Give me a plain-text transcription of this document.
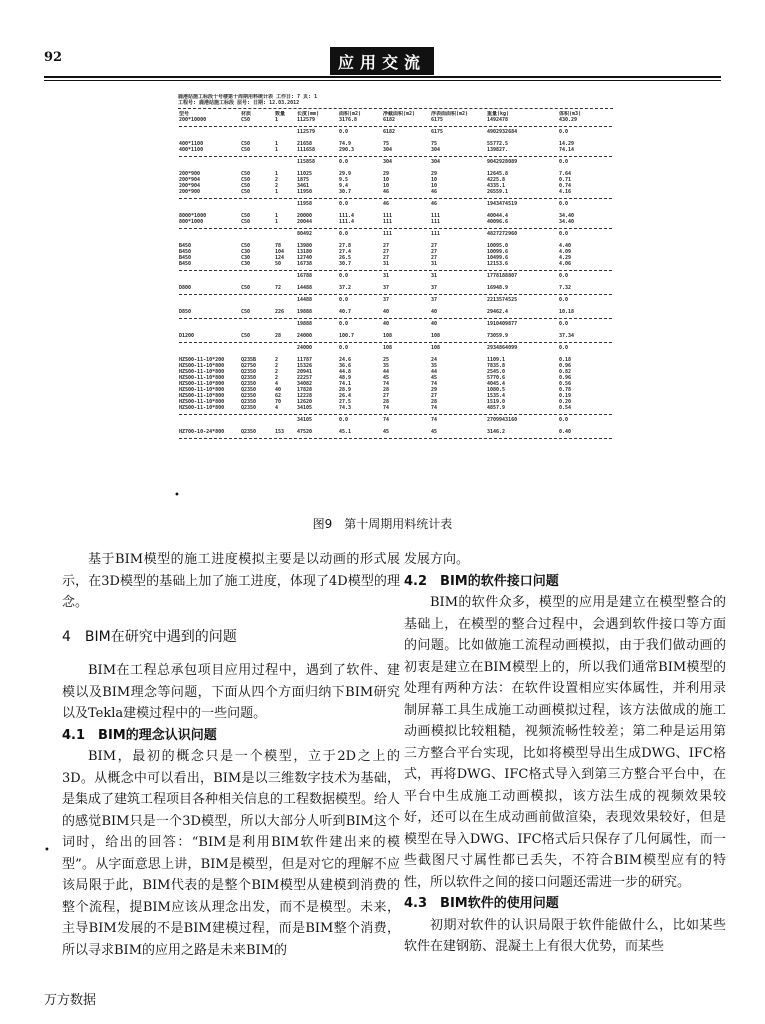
92	应用交流
鹿港站施工标段十号楼第十周期用料统计表 工作日: 7 页: 1
工程号: 鹿港站施工标段 层号: 日期: 12.03.2012
型号	材质	数量	长度(mm)	面积(m2)	净截面积(m2)	浮表面面积(m2)	重量(kg)	体积(m3)
200*10000	C50	1	112579	3176.8	6182	6175	1492478	430.29

			112579	0.0	6182	6175	4902932684	0.0

400*1100	C50	1	21658	74.9	75	75	55772.5	14.29
400*1100	C50	1	111658	290.3	304	304	139827.	74.14

			115858	0.0	304	304	9042928089	0.0

200*900	C50	1	11025	29.9	29	29	12645.8	7.64
200*904	C50	2	1875	9.5	10	10	4225.8	0.71
200*904	C50	2	3461	9.4	10	10	4335.1	0.74
200*900	C50	1	11950	30.7	46	46	26559.1	4.16

			11958	0.0	46	46	1943474519	0.0

8000*1000	C50	1	20000	111.4	111	111	40044.4	34.40
800*1000	C50	1	20044	111.4	111	111	40096.6	34.40

			80492	0.0	111	111	4827272960	0.0

B450	C50	78	13980	27.8	27	27	10095.0	4.40
B450	C30	104	13180	27.4	27	27	10099.6	4.09
B450	C30	124	12740	26.5	27	27	10499.6	4.29
B450	C30	50	16738	30.7	31	31	12153.6	4.06

			16788	0.0	31	31	1778188807	0.0

D800	C50	72	14488	37.2	37	37	16948.9	7.32

			14488	0.0	37	37	2213574525	0.0

D850	C50	226	19888	40.7	40	40	29462.4	10.18

			19888	0.0	40	40	1910409877	0.0

D1200	C50	28	24000	100.7	108	108	73059.9	37.34

			24000	0.0	108	108	2934864099	0.0

HZS00-11-10*200	Q235B	2	11787	24.6	25	24	1109.1	0.18
HZS00-11-10*800	Q2750	2	15326	36.6	35	35	7835.8	0.96
HZS00-11-10*800	Q2350	2	20941	44.8	44	44	2545.0	0.82
HZS00-11-10*800	Q2350	2	22257	48.9	45	45	5770.6	0.96
HZS00-11-10*800	Q2350	4	34082	74.1	74	74	4045.4	0.56
HZS00-11-10*800	Q2350	40	17828	28.9	28	29	1080.5	0.78
HZS00-11-10*800	Q2350	62	12228	26.4	27	27	1535.4	0.19
HZS00-11-10*800	Q2350	70	12620	27.5	28	28	1519.0	0.20
HZS00-11-10*800	Q2350	4	34105	74.3	74	74	4857.9	0.54

			34105	0.0	74	74	2709943160	0.0

HZ700-10-24*800	Q2350	153	47520	45.1	45	45	3146.2	0.40

•
图9　第十周期用料统计表

基于BIM模型的施工进度模拟主要是以动画的形式展示，在3D模型的基础上加了施工进度，体现了4D模型的理念。

4　BIM在研究中遇到的问题

BIM在工程总承包项目应用过程中，遇到了软件、建模以及BIM理念等问题，下面从四个方面归纳下BIM研究以及Tekla建模过程中的一些问题。

4.1　BIM的理念认识问题

BIM，最初的概念只是一个模型，立于2D之上的3D。从概念中可以看出，BIM是以三维数字技术为基础，是集成了建筑工程项目各种相关信息的工程数据模型。给人的感觉BIM只是一个3D模型，所以大部分人听到BIM这个词时，给出的回答：“BIM是利用BIM软件建出来的模型”。从字面意思上讲，BIM是模型，但是对它的理解不应该局限于此，BIM代表的是整个BIM模型从建模到消费的整个流程，提BIM应该从理念出发，而不是模型。未来，主导BIM发展的不是BIM建模过程，而是BIM整个消费，所以寻求BIM的应用之路是未来BIM的

发展方向。

4.2　BIM的软件接口问题

BIM的软件众多，模型的应用是建立在模型整合的基础上，在模型的整合过程中，会遇到软件接口等方面的问题。比如做施工流程动画模拟，由于我们做动画的初衷是建立在BIM模型上的，所以我们通常BIM模型的处理有两种方法：在软件设置相应实体属性，并利用录制屏幕工具生成施工动画模拟过程，该方法做成的施工动画模拟比较粗糙，视频流畅性较差；第二种是运用第三方整合平台实现，比如将模型导出生成DWG、IFC格式，再将DWG、IFC格式导入到第三方整合平台中，在平台中生成施工动画模拟，该方法生成的视频效果较好，还可以在生成动画前做渲染，表现效果较好，但是模型在导入DWG、IFC格式后只保存了几何属性，而一些截图尺寸属性都已丢失，不符合BIM模型应有的特性，所以软件之间的接口问题还需进一步的研究。

4.3　BIM软件的使用问题

初期对软件的认识局限于软件能做什么，比如某些软件在建钢筋、混凝土上有很大优势，而某些

•
万方数据
